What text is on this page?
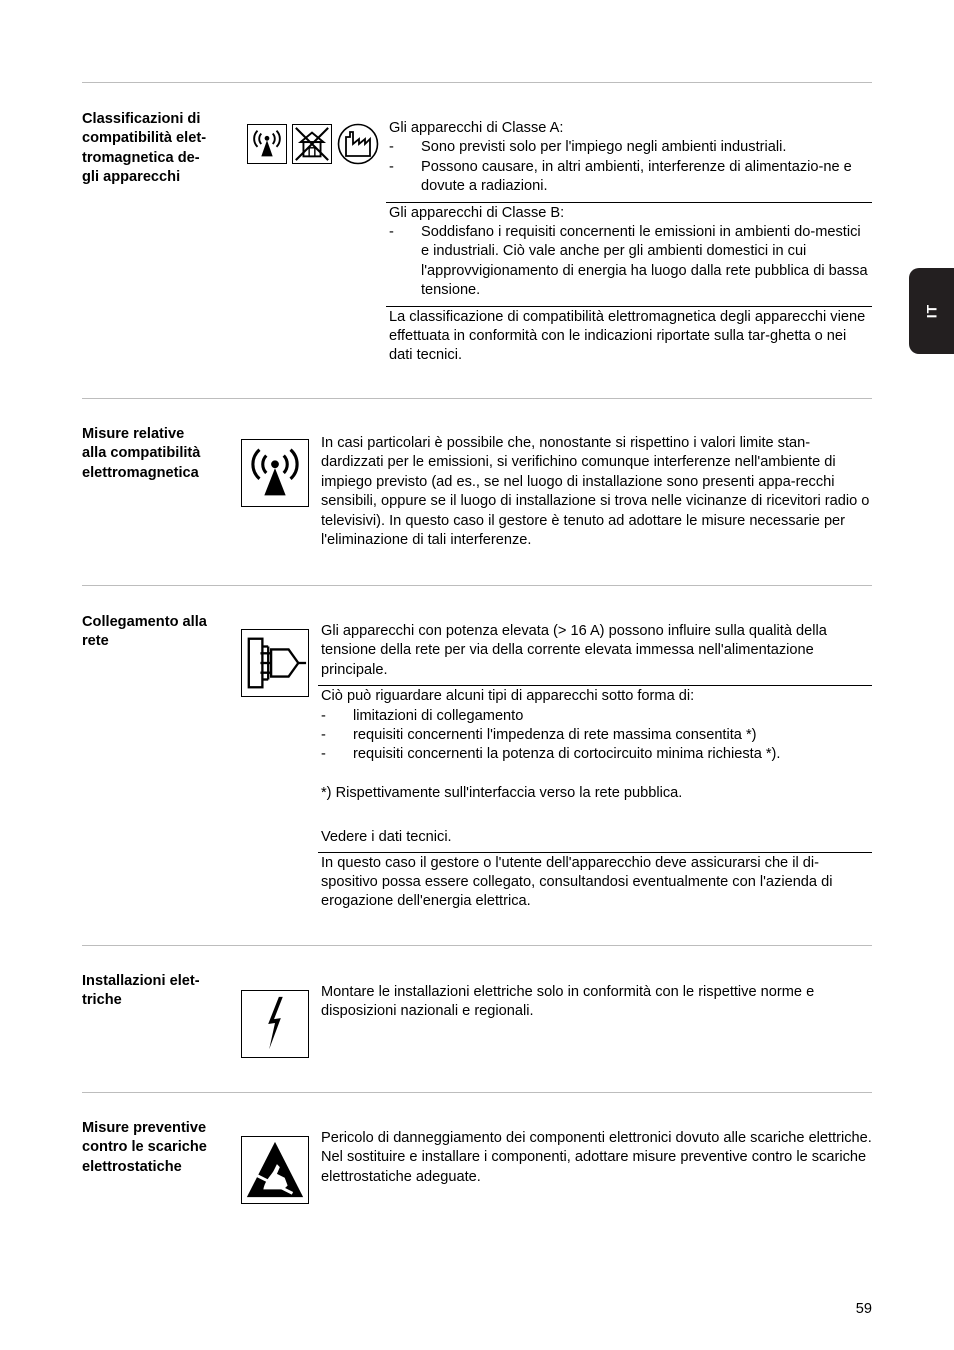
IT
Classificazioni di
compatibilità elet-
tromagnetica de-
gli apparecchi

Gli apparecchi di Classe A:

-	Sono previsti solo per l'impiego negli ambienti industriali.
-	Possono causare, in altri ambienti, interferenze di alimentazio-ne e dovute a radiazioni.

Gli apparecchi di Classe B:

-	Soddisfano i requisiti concernenti le emissioni in ambienti do-mestici e industriali. Ciò vale anche per gli ambienti domestici in cui l'approvvigionamento di energia ha luogo dalla rete pubblica di bassa tensione.

La classificazione di compatibilità elettromagnetica degli apparecchi viene effettuata in conformità con le indicazioni riportate sulla tar-ghetta o nei dati tecnici.

Misure relative
alla compatibilità
elettromagnetica

In casi particolari è possibile che, nonostante si rispettino i valori limite stan-dardizzati per le emissioni, si verifichino comunque interferenze nell'ambiente di impiego previsto (ad es., se nel luogo di installazione sono presenti appa-recchi sensibili, oppure se il luogo di installazione si trova nelle vicinanze di ricevitori radio o televisivi). In questo caso il gestore è tenuto ad adottare le misure necessarie per l'eliminazione di tali interferenze.

Collegamento alla
rete

Gli apparecchi con potenza elevata (> 16 A) possono influire sulla qualità della tensione della rete per via della corrente elevata immessa nell'alimentazione principale.

Ciò può riguardare alcuni tipi di apparecchi sotto forma di:

-	limitazioni di collegamento
-	requisiti concernenti l'impedenza di rete massima consentita *)
-	requisiti concernenti la potenza di cortocircuito minima richiesta *).

*) Rispettivamente sull'interfaccia verso la rete pubblica.

Vedere i dati tecnici.

In questo caso il gestore o l'utente dell'apparecchio deve assicurarsi che il di-spositivo possa essere collegato, consultandosi eventualmente con l'azienda di erogazione dell'energia elettrica.

Installazioni elet-
triche

Montare le installazioni elettriche solo in conformità con le rispettive norme e disposizioni nazionali e regionali.

Misure preventive
contro le scariche
elettrostatiche

Pericolo di danneggiamento dei componenti elettronici dovuto alle scariche elettriche. Nel sostituire e installare i componenti, adottare misure preventive contro le scariche elettrostatiche adeguate.

59
